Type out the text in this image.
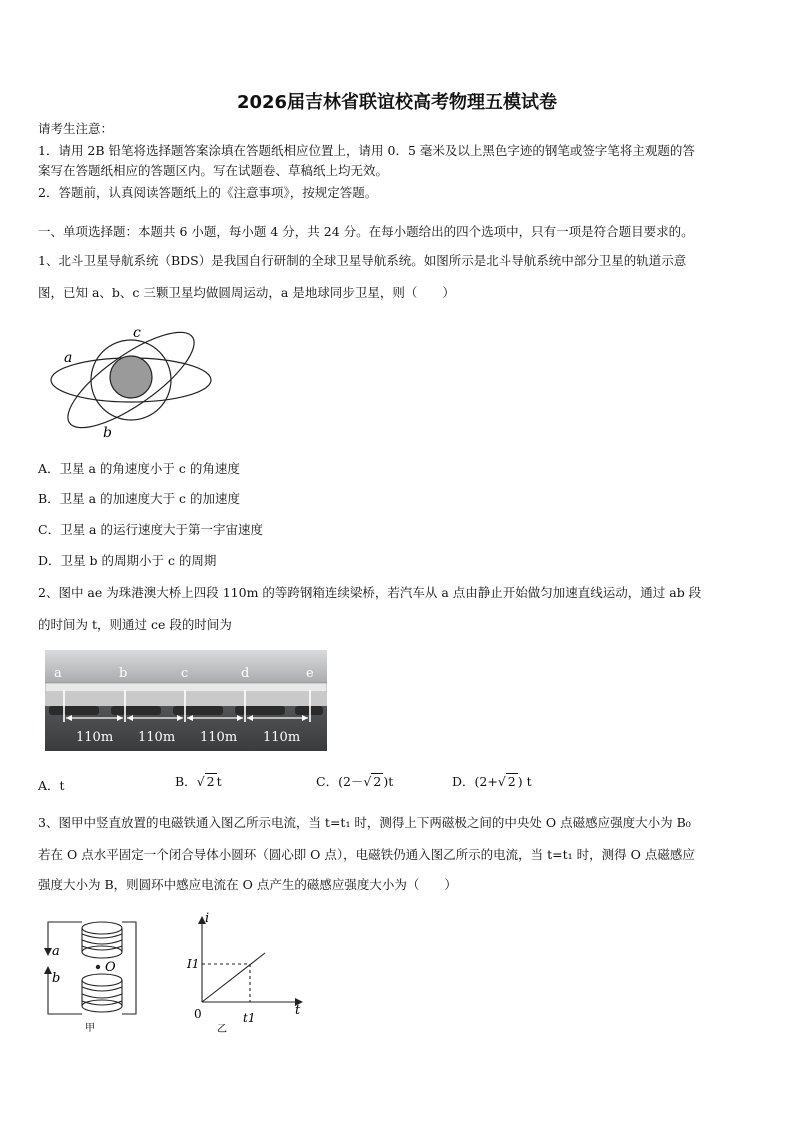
2026届吉林省联谊校高考物理五模试卷
请考生注意：
1．请用 2B 铅笔将选择题答案涂填在答题纸相应位置上，请用 0．5 毫米及以上黑色字迹的钢笔或签字笔将主观题的答
案写在答题纸相应的答题区内。写在试题卷、草稿纸上均无效。
2．答题前，认真阅读答题纸上的《注意事项》，按规定答题。
一、单项选择题：本题共 6 小题，每小题 4 分，共 24 分。在每小题给出的四个选项中，只有一项是符合题目要求的。
1、北斗卫星导航系统（BDS）是我国自行研制的全球卫星导航系统。如图所示是北斗导航系统中部分卫星的轨道示意
图，已知 a、b、c 三颗卫星均做圆周运动，a 是地球同步卫星，则（　　）
a
c
b
A．卫星 a 的角速度小于 c 的角速度
B．卫星 a 的加速度大于 c 的加速度
C．卫星 a 的运行速度大于第一宇宙速度
D．卫星 b 的周期小于 c 的周期
2、图中 ae 为珠港澳大桥上四段 110m 的等跨钢箱连续梁桥，若汽车从 a 点由静止开始做匀加速直线运动，通过 ab 段
的时间为 t，则通过 ce 段的时间为
a	b	c	d	e
110m 110m 110m 110m
A．t	B．√ 2 t	C．(2－√ 2 )t	D．(2+√ 2 ) t
3、图甲中竖直放置的电磁铁通入图乙所示电流，当 t=t₁ 时，测得上下两磁极之间的中央处 O 点磁感应强度大小为 B₀
若在 O 点水平固定一个闭合导体小圆环（圆心即 O 点），电磁铁仍通入图乙所示的电流，当 t=t₁ 时，测得 O 点磁感应
强度大小为 B，则圆环中感应电流在 O 点产生的磁感应强度大小为（　　）
a
b
O
甲
i
t
I1
t1
0
乙
